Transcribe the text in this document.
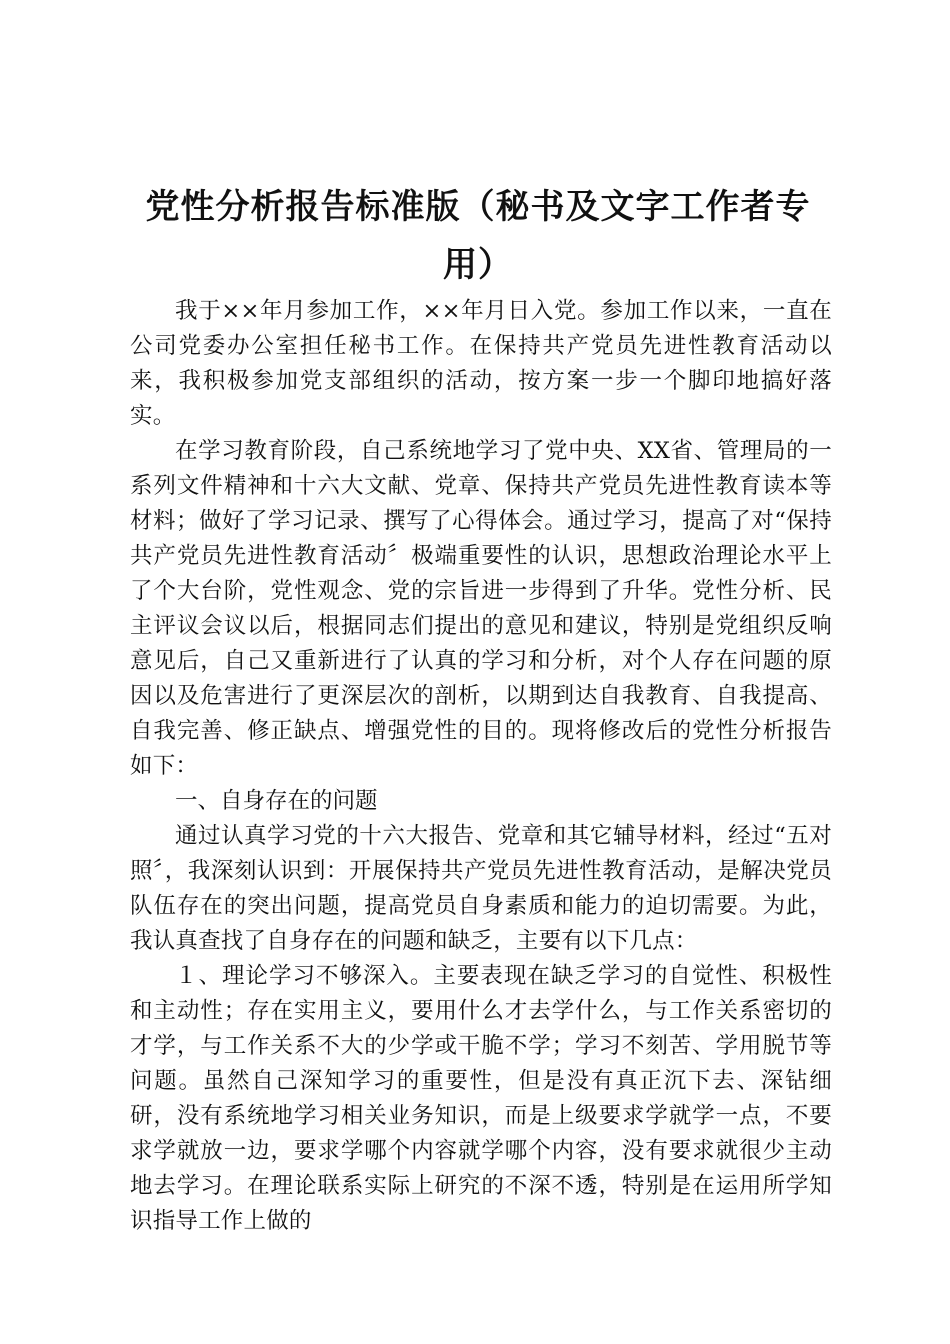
党性分析报告标准版（秘书及文字工作者专用）

我于××年月参加工作，××年月日入党。参加工作以来，一直在公司党委办公室担任秘书工作。在保持共产党员先进性教育活动以来，我积极参加党支部组织的活动，按方案一步一个脚印地搞好落实。

在学习教育阶段，自己系统地学习了党中央、XX省、管理局的一系列文件精神和十六大文献、党章、保持共产党员先进性教育读本等材料；做好了学习记录、撰写了心得体会。通过学习，提高了对“保持共产党员先进性教育活动〞极端重要性的认识，思想政治理论水平上了个大台阶，党性观念、党的宗旨进一步得到了升华。党性分析、民主评议会议以后，根据同志们提出的意见和建议，特别是党组织反响意见后，自己又重新进行了认真的学习和分析，对个人存在问题的原因以及危害进行了更深层次的剖析，以期到达自我教育、自我提高、自我完善、修正缺点、增强党性的目的。现将修改后的党性分析报告如下：

一、自身存在的问题

通过认真学习党的十六大报告、党章和其它辅导材料，经过“五对照〞，我深刻认识到：开展保持共产党员先进性教育活动，是解决党员队伍存在的突出问题，提高党员自身素质和能力的迫切需要。为此，我认真查找了自身存在的问题和缺乏，主要有以下几点：

１、理论学习不够深入。主要表现在缺乏学习的自觉性、积极性和主动性；存在实用主义，要用什么才去学什么，与工作关系密切的才学，与工作关系不大的少学或干脆不学；学习不刻苦、学用脱节等问题。虽然自己深知学习的重要性，但是没有真正沉下去、深钻细研，没有系统地学习相关业务知识，而是上级要求学就学一点，不要求学就放一边，要求学哪个内容就学哪个内容，没有要求就很少主动地去学习。在理论联系实际上研究的不深不透，特别是在运用所学知识指导工作上做的
